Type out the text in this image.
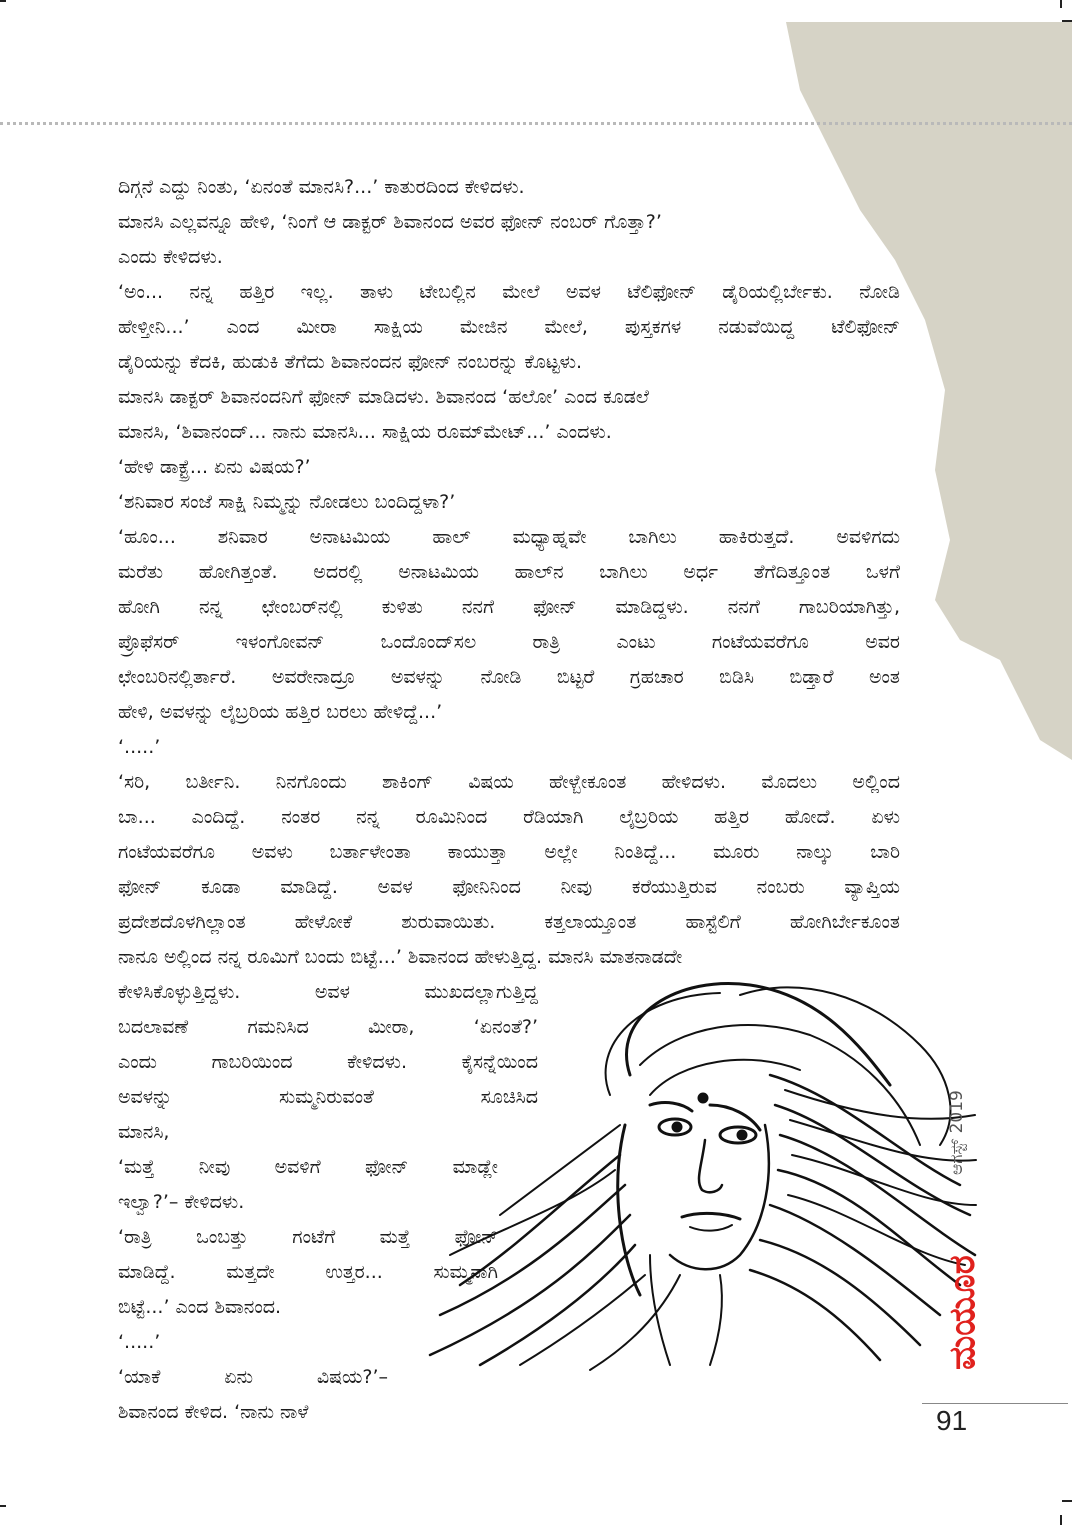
ದಿಗ್ಗನೆ ಎದ್ದು ನಿಂತು, ‘ಏನಂತೆ ಮಾನಸಿ?...’ ಕಾತುರದಿಂದ ಕೇಳಿದಳು.
ಮಾನಸಿ ಎಲ್ಲವನ್ನೂ ಹೇಳಿ, ‘ನಿಂಗೆ ಆ ಡಾಕ್ಟರ್ ಶಿವಾನಂದ ಅವರ ಫೋನ್ ನಂಬರ್ ಗೊತ್ತಾ?’
ಎಂದು ಕೇಳಿದಳು.
‘ಅಂ... ನನ್ನ ಹತ್ತಿರ ಇಲ್ಲ. ತಾಳು ಟೇಬಲ್ಲಿನ ಮೇಲೆ ಅವಳ ಟೆಲಿಫೋನ್ ಡೈರಿಯಲ್ಲಿರ್ಬೇಕು. ನೋಡಿ
ಹೇಳ್ತೀನಿ...’ ಎಂದ ಮೀರಾ ಸಾಕ್ಷಿಯ ಮೇಜಿನ ಮೇಲೆ, ಪುಸ್ತಕಗಳ ನಡುವೆಯಿದ್ದ ಟೆಲಿಫೋನ್
ಡೈರಿಯನ್ನು ಕೆದಕಿ, ಹುಡುಕಿ ತೆಗೆದು ಶಿವಾನಂದನ ಫೋನ್ ನಂಬರನ್ನು ಕೊಟ್ಟಳು.
ಮಾನಸಿ ಡಾಕ್ಟರ್ ಶಿವಾನಂದನಿಗೆ ಫೋನ್ ಮಾಡಿದಳು. ಶಿವಾನಂದ ‘ಹಲೋ’ ಎಂದ ಕೂಡಲೆ
ಮಾನಸಿ, ‘ಶಿವಾನಂದ್... ನಾನು ಮಾನಸಿ... ಸಾಕ್ಷಿಯ ರೂಮ್‌ಮೇಟ್...’ ಎಂದಳು.
‘ಹೇಳಿ ಡಾಕ್ಟ್ರೆ... ಏನು ವಿಷಯ?’
‘ಶನಿವಾರ ಸಂಜೆ ಸಾಕ್ಷಿ ನಿಮ್ಮನ್ನು ನೋಡಲು ಬಂದಿದ್ದಳಾ?’
‘ಹೂಂ... ಶನಿವಾರ ಅನಾಟಮಿಯ ಹಾಲ್ ಮಧ್ಯಾಹ್ನವೇ ಬಾಗಿಲು ಹಾಕಿರುತ್ತದೆ. ಅವಳಿಗದು
ಮರೆತು ಹೋಗಿತ್ತಂತೆ. ಅದರಲ್ಲಿ ಅನಾಟಮಿಯ ಹಾಲ್‌ನ ಬಾಗಿಲು ಅರ್ಧ ತೆಗೆದಿತ್ತೂಂತ ಒಳಗೆ
ಹೋಗಿ ನನ್ನ ಛೇಂಬರ್‌ನಲ್ಲಿ ಕುಳಿತು ನನಗೆ ಫೋನ್ ಮಾಡಿದ್ದಳು. ನನಗೆ ಗಾಬರಿಯಾಗಿತ್ತು,
ಪ್ರೊಫೆಸರ್ ಇಳಂಗೋವನ್ ಒಂದೊಂದ್‌ಸಲ ರಾತ್ರಿ ಎಂಟು ಗಂಟೆಯವರೆಗೂ ಅವರ
ಛೇಂಬರಿನಲ್ಲಿರ್ತಾರೆ. ಅವರೇನಾದ್ರೂ ಅವಳನ್ನು ನೋಡಿ ಬಿಟ್ಟರೆ ಗ್ರಹಚಾರ ಬಿಡಿಸಿ ಬಿಡ್ತಾರೆ ಅಂತ
ಹೇಳಿ, ಅವಳನ್ನು ಲೈಬ್ರರಿಯ ಹತ್ತಿರ ಬರಲು ಹೇಳಿದ್ದೆ...’
‘.....’
‘ಸರಿ, ಬರ್ತೀನಿ. ನಿನಗೊಂದು ಶಾಕಿಂಗ್ ವಿಷಯ ಹೇಳ್ಬೇಕೂಂತ ಹೇಳಿದಳು. ಮೊದಲು ಅಲ್ಲಿಂದ
ಬಾ... ಎಂದಿದ್ದೆ. ನಂತರ ನನ್ನ ರೂಮಿನಿಂದ ರೆಡಿಯಾಗಿ ಲೈಬ್ರರಿಯ ಹತ್ತಿರ ಹೋದೆ. ಏಳು
ಗಂಟೆಯವರೆಗೂ ಅವಳು ಬರ್ತಾಳೇಂತಾ ಕಾಯುತ್ತಾ ಅಲ್ಲೇ ನಿಂತಿದ್ದೆ... ಮೂರು ನಾಲ್ಕು ಬಾರಿ
ಫೋನ್ ಕೂಡಾ ಮಾಡಿದ್ದೆ. ಅವಳ ಫೋನಿನಿಂದ ನೀವು ಕರೆಯುತ್ತಿರುವ ನಂಬರು ವ್ಯಾಪ್ತಿಯ
ಪ್ರದೇಶದೊಳಗಿಲ್ಲಾಂತ ಹೇಳೋಕೆ ಶುರುವಾಯಿತು. ಕತ್ತಲಾಯ್ತೂಂತ ಹಾಸ್ಟೆಲಿಗೆ ಹೋಗಿರ್ಬೇಕೂಂತ
ನಾನೂ ಅಲ್ಲಿಂದ ನನ್ನ ರೂಮಿಗೆ ಬಂದು ಬಿಟ್ಟೆ...’ ಶಿವಾನಂದ ಹೇಳುತ್ತಿದ್ದ. ಮಾನಸಿ ಮಾತನಾಡದೇ
ಕೇಳಿಸಿಕೊಳ್ಳುತ್ತಿದ್ದಳು. ಅವಳ ಮುಖದಲ್ಲಾಗುತ್ತಿದ್ದ
ಬದಲಾವಣೆ ಗಮನಿಸಿದ ಮೀರಾ, ‘ಏನಂತೆ?’
ಎಂದು ಗಾಬರಿಯಿಂದ ಕೇಳಿದಳು. ಕೈಸನ್ನೆಯಿಂದ
ಅವಳನ್ನು ಸುಮ್ಮನಿರುವಂತೆ ಸೂಚಿಸಿದ
ಮಾನಸಿ,
‘ಮತ್ತೆ ನೀವು ಅವಳಿಗೆ ಫೋನ್ ಮಾಡ್ಲೇ
ಇಲ್ವಾ?’– ಕೇಳಿದಳು.
‘ರಾತ್ರಿ ಒಂಬತ್ತು ಗಂಟೆಗೆ ಮತ್ತೆ ಫೋನ್
ಮಾಡಿದ್ದೆ. ಮತ್ತದೇ ಉತ್ತರ... ಸುಮ್ಮನಾಗಿ
ಬಿಟ್ಟೆ...’ ಎಂದ ಶಿವಾನಂದ.
‘.....’
‘ಯಾಕೆ ಏನು ವಿಷಯ?’–
ಶಿವಾನಂದ ಕೇಳಿದ. ‘ನಾನು ನಾಳೆ
ಆಗಸ್ಟ್ 2019
ಮಯೂರ
91
